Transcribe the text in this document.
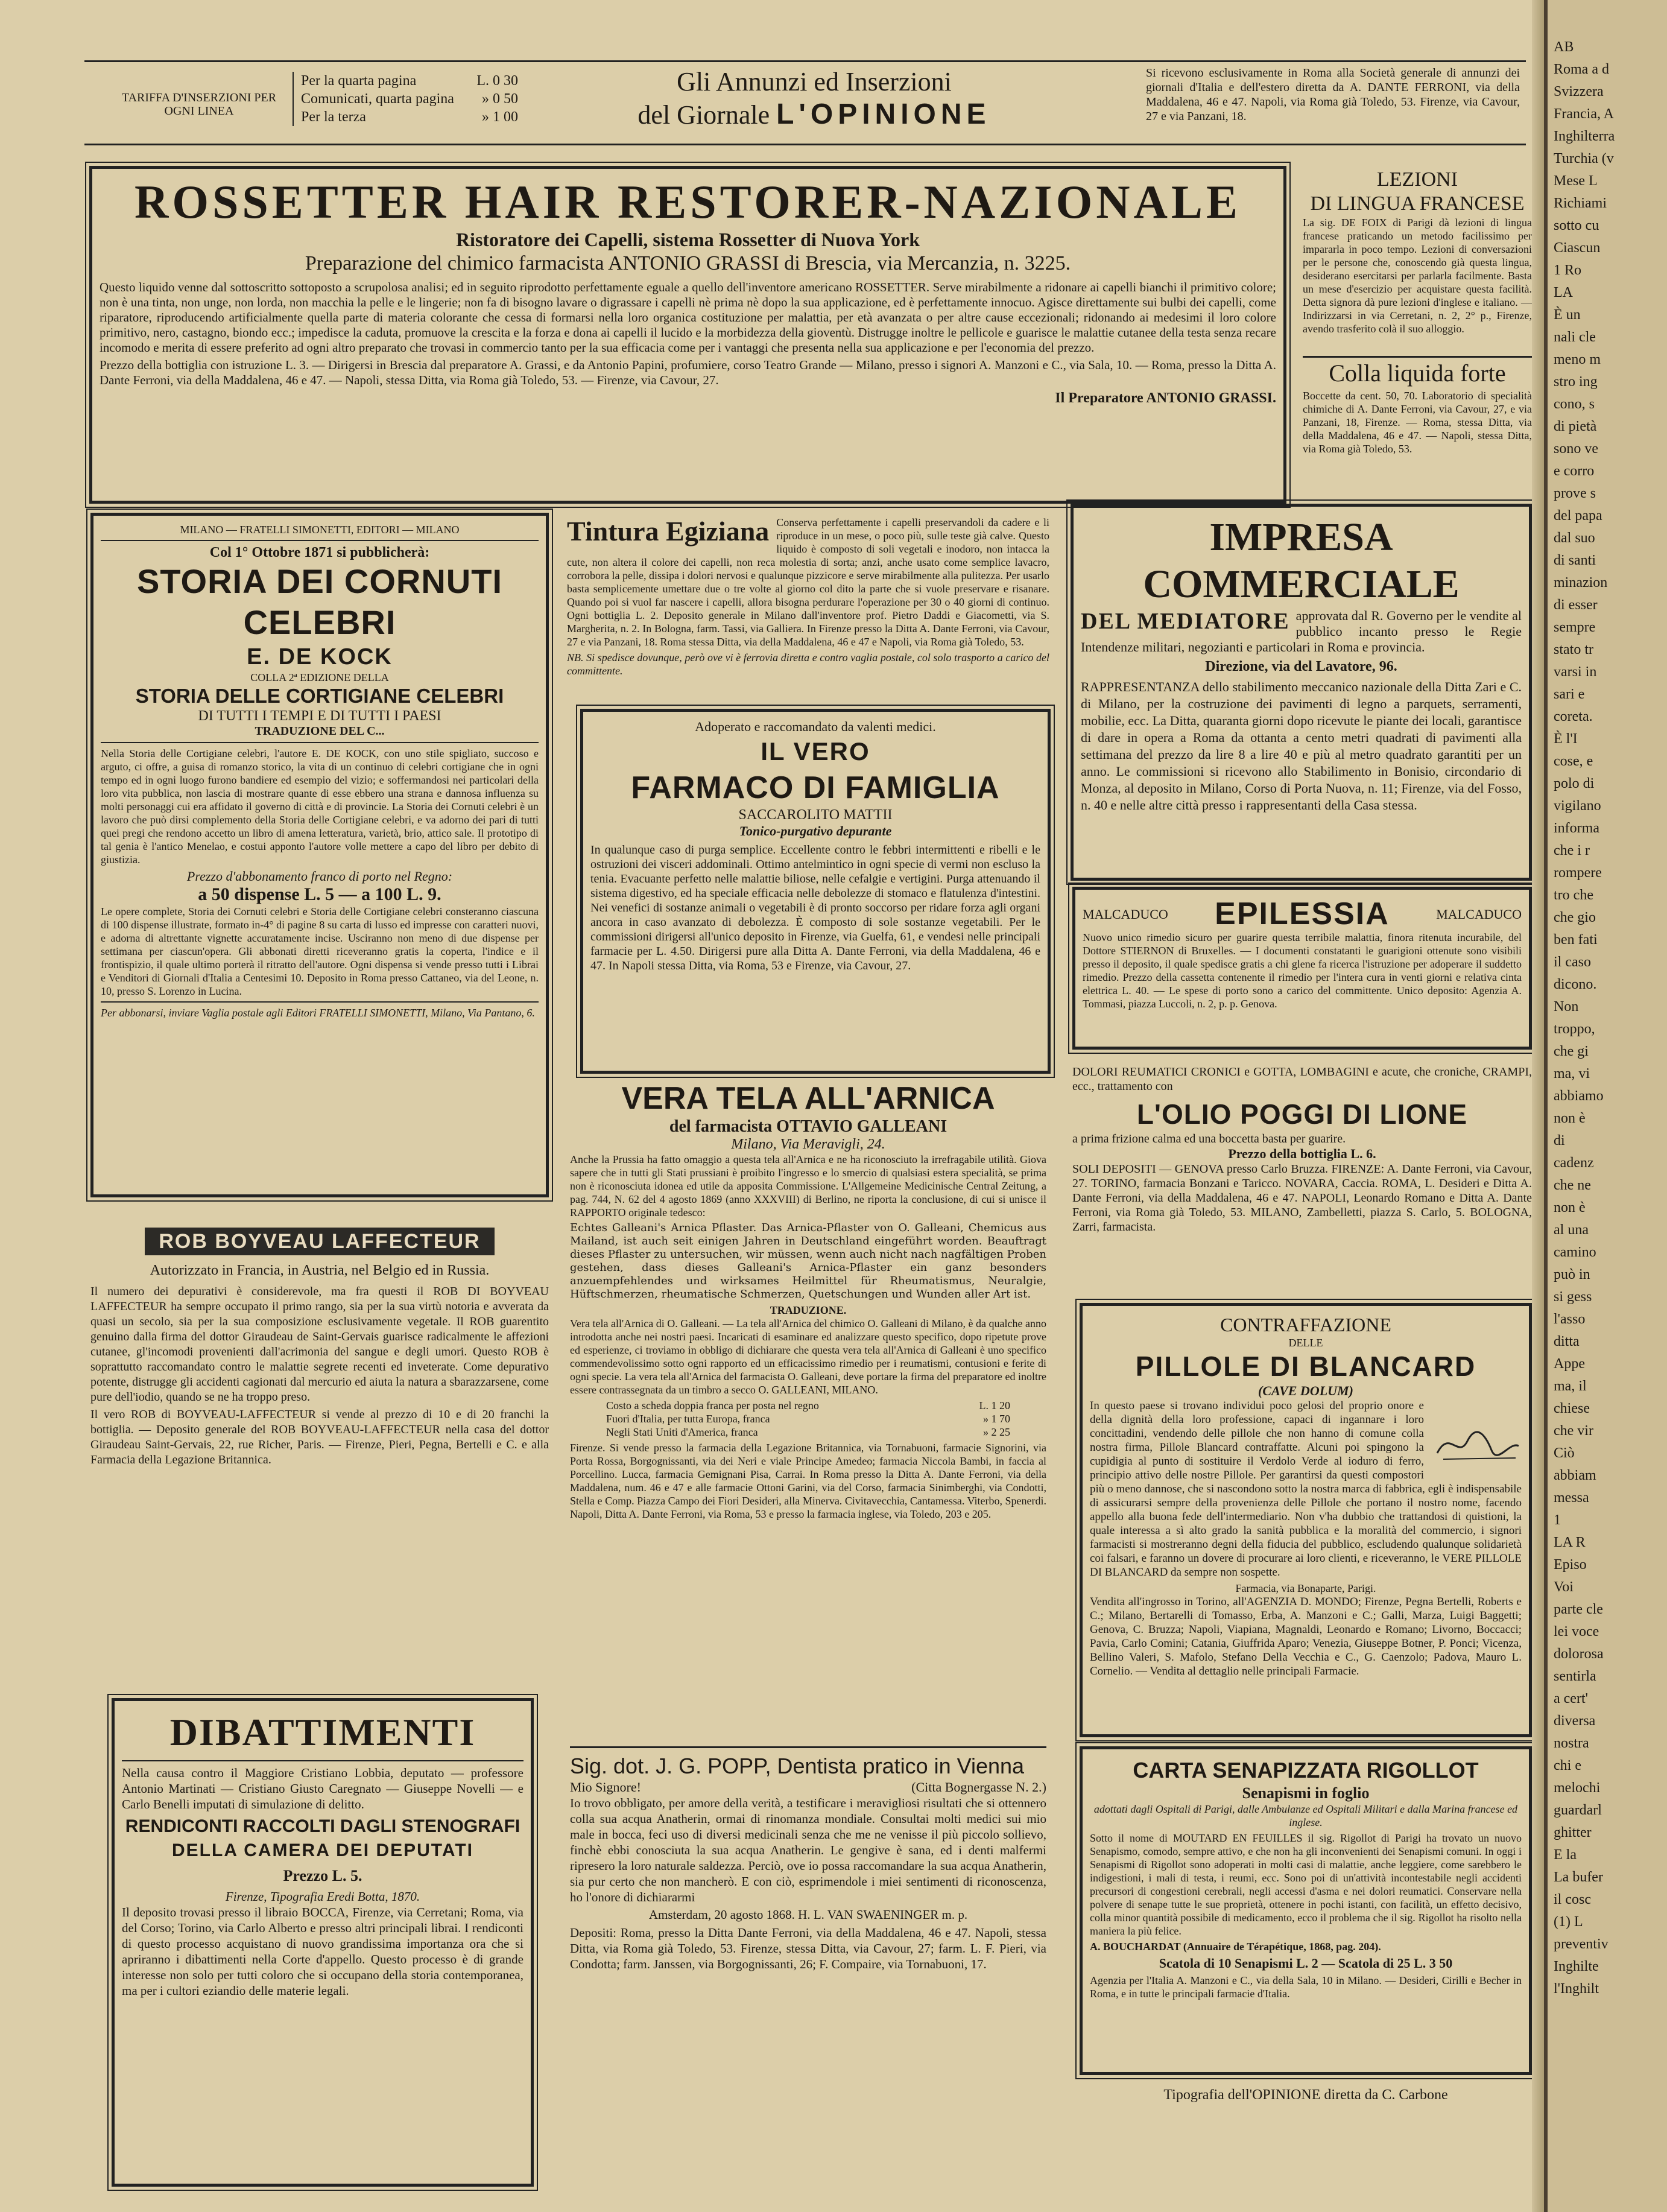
TARIFFA D'INSERZIONI PER OGNI LINEA
Per la quarta pagina	L. 0 30
Comunicati, quarta pagina » 0 50
Per la terza	» 1 00
Gli Annunzi ed Inserzioni
del Giornale L'OPINIONE
Si ricevono esclusivamente in Roma alla Società generale di annunzi dei giornali d'Italia e dell'estero diretta da A. DANTE FERRONI, via della Maddalena, 46 e 47. Napoli, via Roma già Toledo, 53. Firenze, via Cavour, 27 e via Panzani, 18.
ROSSETTER HAIR RESTORER-NAZIONALE
Ristoratore dei Capelli, sistema Rossetter di Nuova York
Preparazione del chimico farmacista ANTONIO GRASSI di Brescia, via Mercanzia, n. 3225.

Questo liquido venne dal sottoscritto sottoposto a scrupolosa analisi; ed in seguito riprodotto perfettamente eguale a quello dell'inventore americano ROSSETTER. Serve mirabilmente a ridonare ai capelli bianchi il primitivo colore; non è una tinta, non unge, non lorda, non macchia la pelle e le lingerie; non fa di bisogno lavare o digrassare i capelli nè prima nè dopo la sua applicazione, ed è perfettamente innocuo. Agisce direttamente sui bulbi dei capelli, come riparatore, riproducendo artificialmente quella parte di materia colorante che cessa di formarsi nella loro organica costituzione per malattia, per età avanzata o per altre cause eccezionali; ridonando ai medesimi il loro colore primitivo, nero, castagno, biondo ecc.; impedisce la caduta, promuove la crescita e la forza e dona ai capelli il lucido e la morbidezza della gioventù. Distrugge inoltre le pellicole e guarisce le malattie cutanee della testa senza recare incomodo e merita di essere preferito ad ogni altro preparato che trovasi in commercio tanto per la sua efficacia come per i vantaggi che presenta nella sua applicazione e per l'economia del prezzo.

Prezzo della bottiglia con istruzione L. 3. — Dirigersi in Brescia dal preparatore A. Grassi, e da Antonio Papini, profumiere, corso Teatro Grande — Milano, presso i signori A. Manzoni e C., via Sala, 10. — Roma, presso la Ditta A. Dante Ferroni, via della Maddalena, 46 e 47. — Napoli, stessa Ditta, via Roma già Toledo, 53. — Firenze, via Cavour, 27.

Il Preparatore ANTONIO GRASSI.
LEZIONI
DI LINGUA FRANCESE

La sig. DE FOIX di Parigi dà lezioni di lingua francese praticando un metodo facilissimo per impararla in poco tempo. Lezioni di conversazioni per le persone che, conoscendo già questa lingua, desiderano esercitarsi per parlarla facilmente. Basta un mese d'esercizio per acquistare questa facilità. Detta signora dà pure lezioni d'inglese e italiano. — Indirizzarsi in via Cerretani, n. 2, 2° p., Firenze, avendo trasferito colà il suo alloggio.

Colla liquida forte

Boccette da cent. 50, 70. Laboratorio di specialità chimiche di A. Dante Ferroni, via Cavour, 27, e via Panzani, 18, Firenze. — Roma, stessa Ditta, via della Maddalena, 46 e 47. — Napoli, stessa Ditta, via Roma già Toledo, 53.

MILANO — FRATELLI SIMONETTI, EDITORI — MILANO
Col 1° Ottobre 1871 si pubblicherà:
STORIA DEI CORNUTI CELEBRI
E. DE KOCK
COLLA 2ª EDIZIONE DELLA
STORIA DELLE CORTIGIANE CELEBRI
DI TUTTI I TEMPI E DI TUTTI I PAESI
TRADUZIONE DEL C...

Nella Storia delle Cortigiane celebri, l'autore E. DE KOCK, con uno stile spigliato, succoso e arguto, ci offre, a guisa di romanzo storico, la vita di un continuo di celebri cortigiane che in ogni tempo ed in ogni luogo furono bandiere ed esempio del vizio; e soffermandosi nei particolari della loro vita pubblica, non lascia di mostrare quante di esse ebbero una strana e dannosa influenza su molti personaggi cui era affidato il governo di città e di provincie. La Storia dei Cornuti celebri è un lavoro che può dirsi complemento della Storia delle Cortigiane celebri, e va adorno dei pari di tutti quei pregi che rendono accetto un libro di amena letteratura, varietà, brio, attico sale. Il prototipo di tal genia è l'antico Menelao, e costui apponto l'autore volle mettere a capo del libro per debito di giustizia.

Prezzo d'abbonamento franco di porto nel Regno:
a 50 dispense L. 5 — a 100 L. 9.

Le opere complete, Storia dei Cornuti celebri e Storia delle Cortigiane celebri consteranno ciascuna di 100 dispense illustrate, formato in-4° di pagine 8 su carta di lusso ed impresse con caratteri nuovi, e adorna di altrettante vignette accuratamente incise. Usciranno non meno di due dispense per settimana per ciascun'opera. Gli abbonati diretti riceveranno gratis la coperta, l'indice e il frontispizio, il quale ultimo porterà il ritratto dell'autore. Ogni dispensa si vende presso tutti i Librai e Venditori di Giornali d'Italia a Centesimi 10. Deposito in Roma presso Cattaneo, via del Leone, n. 10, presso S. Lorenzo in Lucina.

Per abbonarsi, inviare Vaglia postale agli Editori FRATELLI SIMONETTI, Milano, Via Pantano, 6.

ROB BOYVEAU LAFFECTEUR
Autorizzato in Francia, in Austria, nel Belgio ed in Russia.

Il numero dei depurativi è considerevole, ma fra questi il ROB DI BOYVEAU LAFFECTEUR ha sempre occupato il primo rango, sia per la sua virtù notoria e avverata da quasi un secolo, sia per la sua composizione esclusivamente vegetale. Il ROB guarentito genuino dalla firma del dottor Giraudeau de Saint-Gervais guarisce radicalmente le affezioni cutanee, gl'incomodi provenienti dall'acrimonia del sangue e degli umori. Questo ROB è soprattutto raccomandato contro le malattie segrete recenti ed inveterate. Come depurativo potente, distrugge gli accidenti cagionati dal mercurio ed aiuta la natura a sbarazzarsene, come pure dell'iodio, quando se ne ha troppo preso.

Il vero ROB di BOYVEAU-LAFFECTEUR si vende al prezzo di 10 e di 20 franchi la bottiglia. — Deposito generale del ROB BOYVEAU-LAFFECTEUR nella casa del dottor Giraudeau Saint-Gervais, 22, rue Richer, Paris. — Firenze, Pieri, Pegna, Bertelli e C. e alla Farmacia della Legazione Britannica.

DIBATTIMENTI

Nella causa contro il Maggiore Cristiano Lobbia, deputato — professore Antonio Martinati — Cristiano Giusto Caregnato — Giuseppe Novelli — e Carlo Benelli imputati di simulazione di delitto.

RENDICONTI RACCOLTI DAGLI STENOGRAFI
DELLA CAMERA DEI DEPUTATI
Prezzo L. 5.
Firenze, Tipografia Eredi Botta, 1870.

Il deposito trovasi presso il libraio BOCCA, Firenze, via Cerretani; Roma, via del Corso; Torino, via Carlo Alberto e presso altri principali librai. I rendiconti di questo processo acquistano di nuovo grandissima importanza ora che si apriranno i dibattimenti nella Corte d'appello. Questo processo è di grande interesse non solo per tutti coloro che si occupano della storia contemporanea, ma per i cultori eziandio delle materie legali.

Tintura Egiziana Conserva perfettamente i capelli preservandoli da cadere e li riproduce in un mese, o poco più, sulle teste già calve. Questo liquido è composto di soli vegetali e inodoro, non intacca la cute, non altera il colore dei capelli, non reca molestia di sorta; anzi, anche usato come semplice lavacro, corrobora la pelle, dissipa i dolori nervosi e qualunque pizzicore e serve mirabilmente alla pulitezza. Per usarlo basta semplicemente umettare due o tre volte al giorno col dito la parte che si vuole preservare e risanare. Quando poi si vuol far nascere i capelli, allora bisogna perdurare l'operazione per 30 o 40 giorni di continuo. Ogni bottiglia L. 2. Deposito generale in Milano dall'inventore prof. Pietro Daddi e Giacometti, via S. Margherita, n. 2. In Bologna, farm. Tassi, via Galliera. In Firenze presso la Ditta A. Dante Ferroni, via Cavour, 27 e via Panzani, 18. Roma stessa Ditta, via della Maddalena, 46 e 47 e Napoli, via Roma già Toledo, 53.

NB. Si spedisce dovunque, però ove vi è ferrovia diretta e contro vaglia postale, col solo trasporto a carico del committente.

Adoperato e raccomandato da valenti medici.
IL VERO
FARMACO DI FAMIGLIA
SACCAROLITO MATTII
Tonico-purgativo depurante

In qualunque caso di purga semplice. Eccellente contro le febbri intermittenti e ribelli e le ostruzioni dei visceri addominali. Ottimo antelmintico in ogni specie di vermi non escluso la tenia. Evacuante perfetto nelle malattie biliose, nelle cefalgie e vertigini. Purga attenuando il sistema digestivo, ed ha speciale efficacia nelle debolezze di stomaco e flatulenza d'intestini. Nei venefici di sostanze animali o vegetabili è di pronto soccorso per ridare forza agli organi ancora in caso avanzato di debolezza. È composto di sole sostanze vegetabili. Per le commissioni dirigersi all'unico deposito in Firenze, via Guelfa, 61, e vendesi nelle principali farmacie per L. 4.50. Dirigersi pure alla Ditta A. Dante Ferroni, via della Maddalena, 46 e 47. In Napoli stessa Ditta, via Roma, 53 e Firenze, via Cavour, 27.

VERA TELA ALL'ARNICA
del farmacista OTTAVIO GALLEANI
Milano, Via Meravigli, 24.

Anche la Prussia ha fatto omaggio a questa tela all'Arnica e ne ha riconosciuto la irrefragabile utilità. Giova sapere che in tutti gli Stati prussiani è proibito l'ingresso e lo smercio di qualsiasi estera specialità, se prima non è riconosciuta idonea ed utile da apposita Commissione. L'Allgemeine Medicinische Central Zeitung, a pag. 744, N. 62 del 4 agosto 1869 (anno XXXVIII) di Berlino, ne riporta la conclusione, di cui si unisce il RAPPORTO originale tedesco:

Echtes Galleani's Arnica Pflaster. Das Arnica-Pflaster von O. Galleani, Chemicus aus Mailand, ist auch seit einigen Jahren in Deutschland eingeführt worden. Beauftragt dieses Pflaster zu untersuchen, wir müssen, wenn auch nicht nach nagfältigen Proben gestehen, dass dieses Galleani's Arnica-Pflaster ein ganz besonders anzuempfehlendes und wirksames Heilmittel für Rheumatismus, Neuralgie, Hüftschmerzen, rheumatische Schmerzen, Quetschungen und Wunden aller Art ist.

TRADUZIONE.

Vera tela all'Arnica di O. Galleani. — La tela all'Arnica del chimico O. Galleani di Milano, è da qualche anno introdotta anche nei nostri paesi. Incaricati di esaminare ed analizzare questo specifico, dopo ripetute prove ed esperienze, ci troviamo in obbligo di dichiarare che questa vera tela all'Arnica di Galleani è uno specifico commendevolissimo sotto ogni rapporto ed un efficacissimo rimedio per i reumatismi, contusioni e ferite di ogni specie. La vera tela all'Arnica del farmacista O. Galleani, deve portare la firma del preparatore ed inoltre essere contrassegnata da un timbro a secco O. GALLEANI, MILANO.

Costo a scheda doppia franca per posta nel regno	L. 1 20
Fuori d'Italia, per tutta Europa, franca	» 1 70
Negli Stati Uniti d'America, franca	» 2 25

Firenze. Si vende presso la farmacia della Legazione Britannica, via Tornabuoni, farmacie Signorini, via Porta Rossa, Borgognissanti, via dei Neri e viale Principe Amedeo; farmacia Niccola Bambi, in faccia al Porcellino. Lucca, farmacia Gemignani Pisa, Carrai. In Roma presso la Ditta A. Dante Ferroni, via della Maddalena, num. 46 e 47 e alle farmacie Ottoni Garini, via del Corso, farmacia Sinimberghi, via Condotti, Stella e Comp. Piazza Campo dei Fiori Desideri, alla Minerva. Civitavecchia, Cantamessa. Viterbo, Spenerdi. Napoli, Ditta A. Dante Ferroni, via Roma, 53 e presso la farmacia inglese, via Toledo, 203 e 205.

Sig. dot. J. G. POPP, Dentista pratico in Vienna
Mio Signore!	(Citta Bognergasse N. 2.)

Io trovo obbligato, per amore della verità, a testificare i meravigliosi risultati che si ottennero colla sua acqua Anatherin, ormai di rinomanza mondiale. Consultai molti medici sui mio male in bocca, feci uso di diversi medicinali senza che me ne venisse il più piccolo sollievo, finchè ebbi conosciuta la sua acqua Anatherin. Le gengive è sana, ed i denti malfermi ripresero la loro naturale saldezza. Perciò, ove io possa raccomandare la sua acqua Anatherin, sia pur certo che non mancherò. E con ciò, esprimendole i miei sentimenti di riconoscenza, ho l'onore di dichiararmi

Amsterdam, 20 agosto 1868. H. L. VAN SWAENINGER m. p.

Depositi: Roma, presso la Ditta Dante Ferroni, via della Maddalena, 46 e 47. Napoli, stessa Ditta, via Roma già Toledo, 53. Firenze, stessa Ditta, via Cavour, 27; farm. L. F. Pieri, via Condotta; farm. Janssen, via Borgognissanti, 26; F. Compaire, via Tornabuoni, 17.

IMPRESA COMMERCIALE
DEL MEDIATORE approvata dal R. Governo per le vendite al pubblico incanto presso le Regie Intendenze militari, negozianti e particolari in Roma e provincia.

Direzione, via del Lavatore, 96.

RAPPRESENTANZA dello stabilimento meccanico nazionale della Ditta Zari e C. di Milano, per la costruzione dei pavimenti di legno a parquets, serramenti, mobilie, ecc. La Ditta, quaranta giorni dopo ricevute le piante dei locali, garantisce di dare in opera a Roma da ottanta a cento metri quadrati di pavimenti alla settimana del prezzo da lire 8 a lire 40 e più al metro quadrato garantiti per un anno. Le commissioni si ricevono allo Stabilimento in Bonisio, circondario di Monza, al deposito in Milano, Corso di Porta Nuova, n. 11; Firenze, via del Fosso, n. 40 e nelle altre città presso i rappresentanti della Casa stessa.

MALCADUCO	EPILESSIA	MALCADUCO

Nuovo unico rimedio sicuro per guarire questa terribile malattia, finora ritenuta incurabile, del Dottore STIERNON di Bruxelles. — I documenti constatanti le guarigioni ottenute sono visibili presso il deposito, il quale spedisce gratis a chi glene fa ricerca l'istruzione per adoperare il suddetto rimedio. Prezzo della cassetta contenente il rimedio per l'intera cura in venti giorni e relativa cinta elettrica L. 40. — Le spese di porto sono a carico del committente. Unico deposito: Agenzia A. Tommasi, piazza Luccoli, n. 2, p. p. Genova.

DOLORI REUMATICI CRONICI e GOTTA, LOMBAGINI e acute, che croniche, CRAMPI, ecc., trattamento con

L'OLIO POGGI DI LIONE
a prima frizione calma ed una boccetta basta per guarire.
Prezzo della bottiglia L. 6.

SOLI DEPOSITI — GENOVA presso Carlo Bruzza. FIRENZE: A. Dante Ferroni, via Cavour, 27. TORINO, farmacia Bonzani e Taricco. NOVARA, Caccia. ROMA, L. Desideri e Ditta A. Dante Ferroni, via della Maddalena, 46 e 47. NAPOLI, Leonardo Romano e Ditta A. Dante Ferroni, via Roma già Toledo, 53. MILANO, Zambelletti, piazza S. Carlo, 5. BOLOGNA, Zarri, farmacista.

CONTRAFFAZIONE
DELLE
PILLOLE DI BLANCARD
(CAVE DOLUM)

In questo paese si trovano individui poco gelosi del proprio onore e della dignità della loro professione, capaci di ingannare i loro concittadini, vendendo delle pillole che non hanno di comune colla nostra firma, Pillole Blancard contraffatte. Alcuni poi spingono la cupidigia al punto di sostituire il Verdolo Verde al ioduro di ferro, principio attivo delle nostre Pillole. Per garantirsi da questi compostori più o meno dannose, che si nascondono sotto la nostra marca di fabbrica, egli è indispensabile di assicurarsi sempre della provenienza delle Pillole che portano il nostro nome, facendo appello alla buona fede dell'intermediario. Non v'ha dubbio che trattandosi di quistioni, la quale interessa a sì alto grado la sanità pubblica e la moralità del commercio, i signori farmacisti si mostreranno degni della fiducia del pubblico, escludendo qualunque solidarietà coi falsari, e faranno un dovere di procurare ai loro clienti, e riceveranno, le VERE PILLOLE DI BLANCARD da sempre non sospette.

Farmacia, via Bonaparte, Parigi.

Vendita all'ingrosso in Torino, all'AGENZIA D. MONDO; Firenze, Pegna Bertelli, Roberts e C.; Milano, Bertarelli di Tomasso, Erba, A. Manzoni e C.; Galli, Marza, Luigi Baggetti; Genova, C. Bruzza; Napoli, Viapiana, Magnaldi, Leonardo e Romano; Livorno, Boccacci; Pavia, Carlo Comini; Catania, Giuffrida Aparo; Venezia, Giuseppe Botner, P. Ponci; Vicenza, Bellino Valeri, S. Mafolo, Stefano Della Vecchia e C., G. Caenzolo; Padova, Mauro L. Cornelio. — Vendita al dettaglio nelle principali Farmacie.

CARTA SENAPIZZATA RIGOLLOT
Senapismi in foglio
adottati dagli Ospitali di Parigi, dalle Ambulanze ed Ospitali Militari e dalla Marina francese ed inglese.

Sotto il nome di MOUTARD EN FEUILLES il sig. Rigollot di Parigi ha trovato un nuovo Senapismo, comodo, sempre attivo, e che non ha gli inconvenienti dei Senapismi comuni. In oggi i Senapismi di Rigollot sono adoperati in molti casi di malattie, anche leggiere, come sarebbero le indigestioni, i mali di testa, i reumi, ecc. Sono poi di un'attività incontestabile negli accidenti precursori di congestioni cerebrali, negli accessi d'asma e nei dolori reumatici. Conservare nella polvere di senape tutte le sue proprietà, ottenere in pochi istanti, con facilità, un effetto decisivo, colla minor quantità possibile di medicamento, ecco il problema che il sig. Rigollot ha risolto nella maniera la più felice.

A. BOUCHARDAT (Annuaire de Térapétique, 1868, pag. 204).
Scatola di 10 Senapismi L. 2 — Scatola di 25 L. 3 50

Agenzia per l'Italia A. Manzoni e C., via della Sala, 10 in Milano. — Desideri, Cirilli e Becher in Roma, e in tutte le principali farmacie d'Italia.

Tipografia dell'OPINIONE diretta da C. Carbone
AB
Roma a d
Svizzera
Francia, A
Inghilterra
Turchia (v
Mese L
Richiami
sotto cu
Ciascun
1 Ro
LA
È un
nali cle
meno m
stro ing
cono, s
di pietà
sono ve
e corro
prove s
del papa
dal suo
di santi
minazion
di esser
sempre
stato tr
varsi in
sari e
coreta.
È l'I
cose, e
polo di
vigilano
informa
che i r
rompere
tro che
che gio
ben fati
il caso
dicono.
Non
troppo,
che gi
ma, vi
abbiamo
non è
di
cadenz
che ne
non è
al una
camino
può in
si gess
l'asso
ditta
Appe
ma, il
chiese
che vir
Ciò
abbiam
messa
1
LA R
Episo
Voi
parte cle
lei voce
dolorosa
sentirla
a cert'
diversa
nostra
chi e
melochi
guardarl
ghitter
E la
La bufer
il cosc
(1) L
preventiv
Inghilte
l'Inghilt
